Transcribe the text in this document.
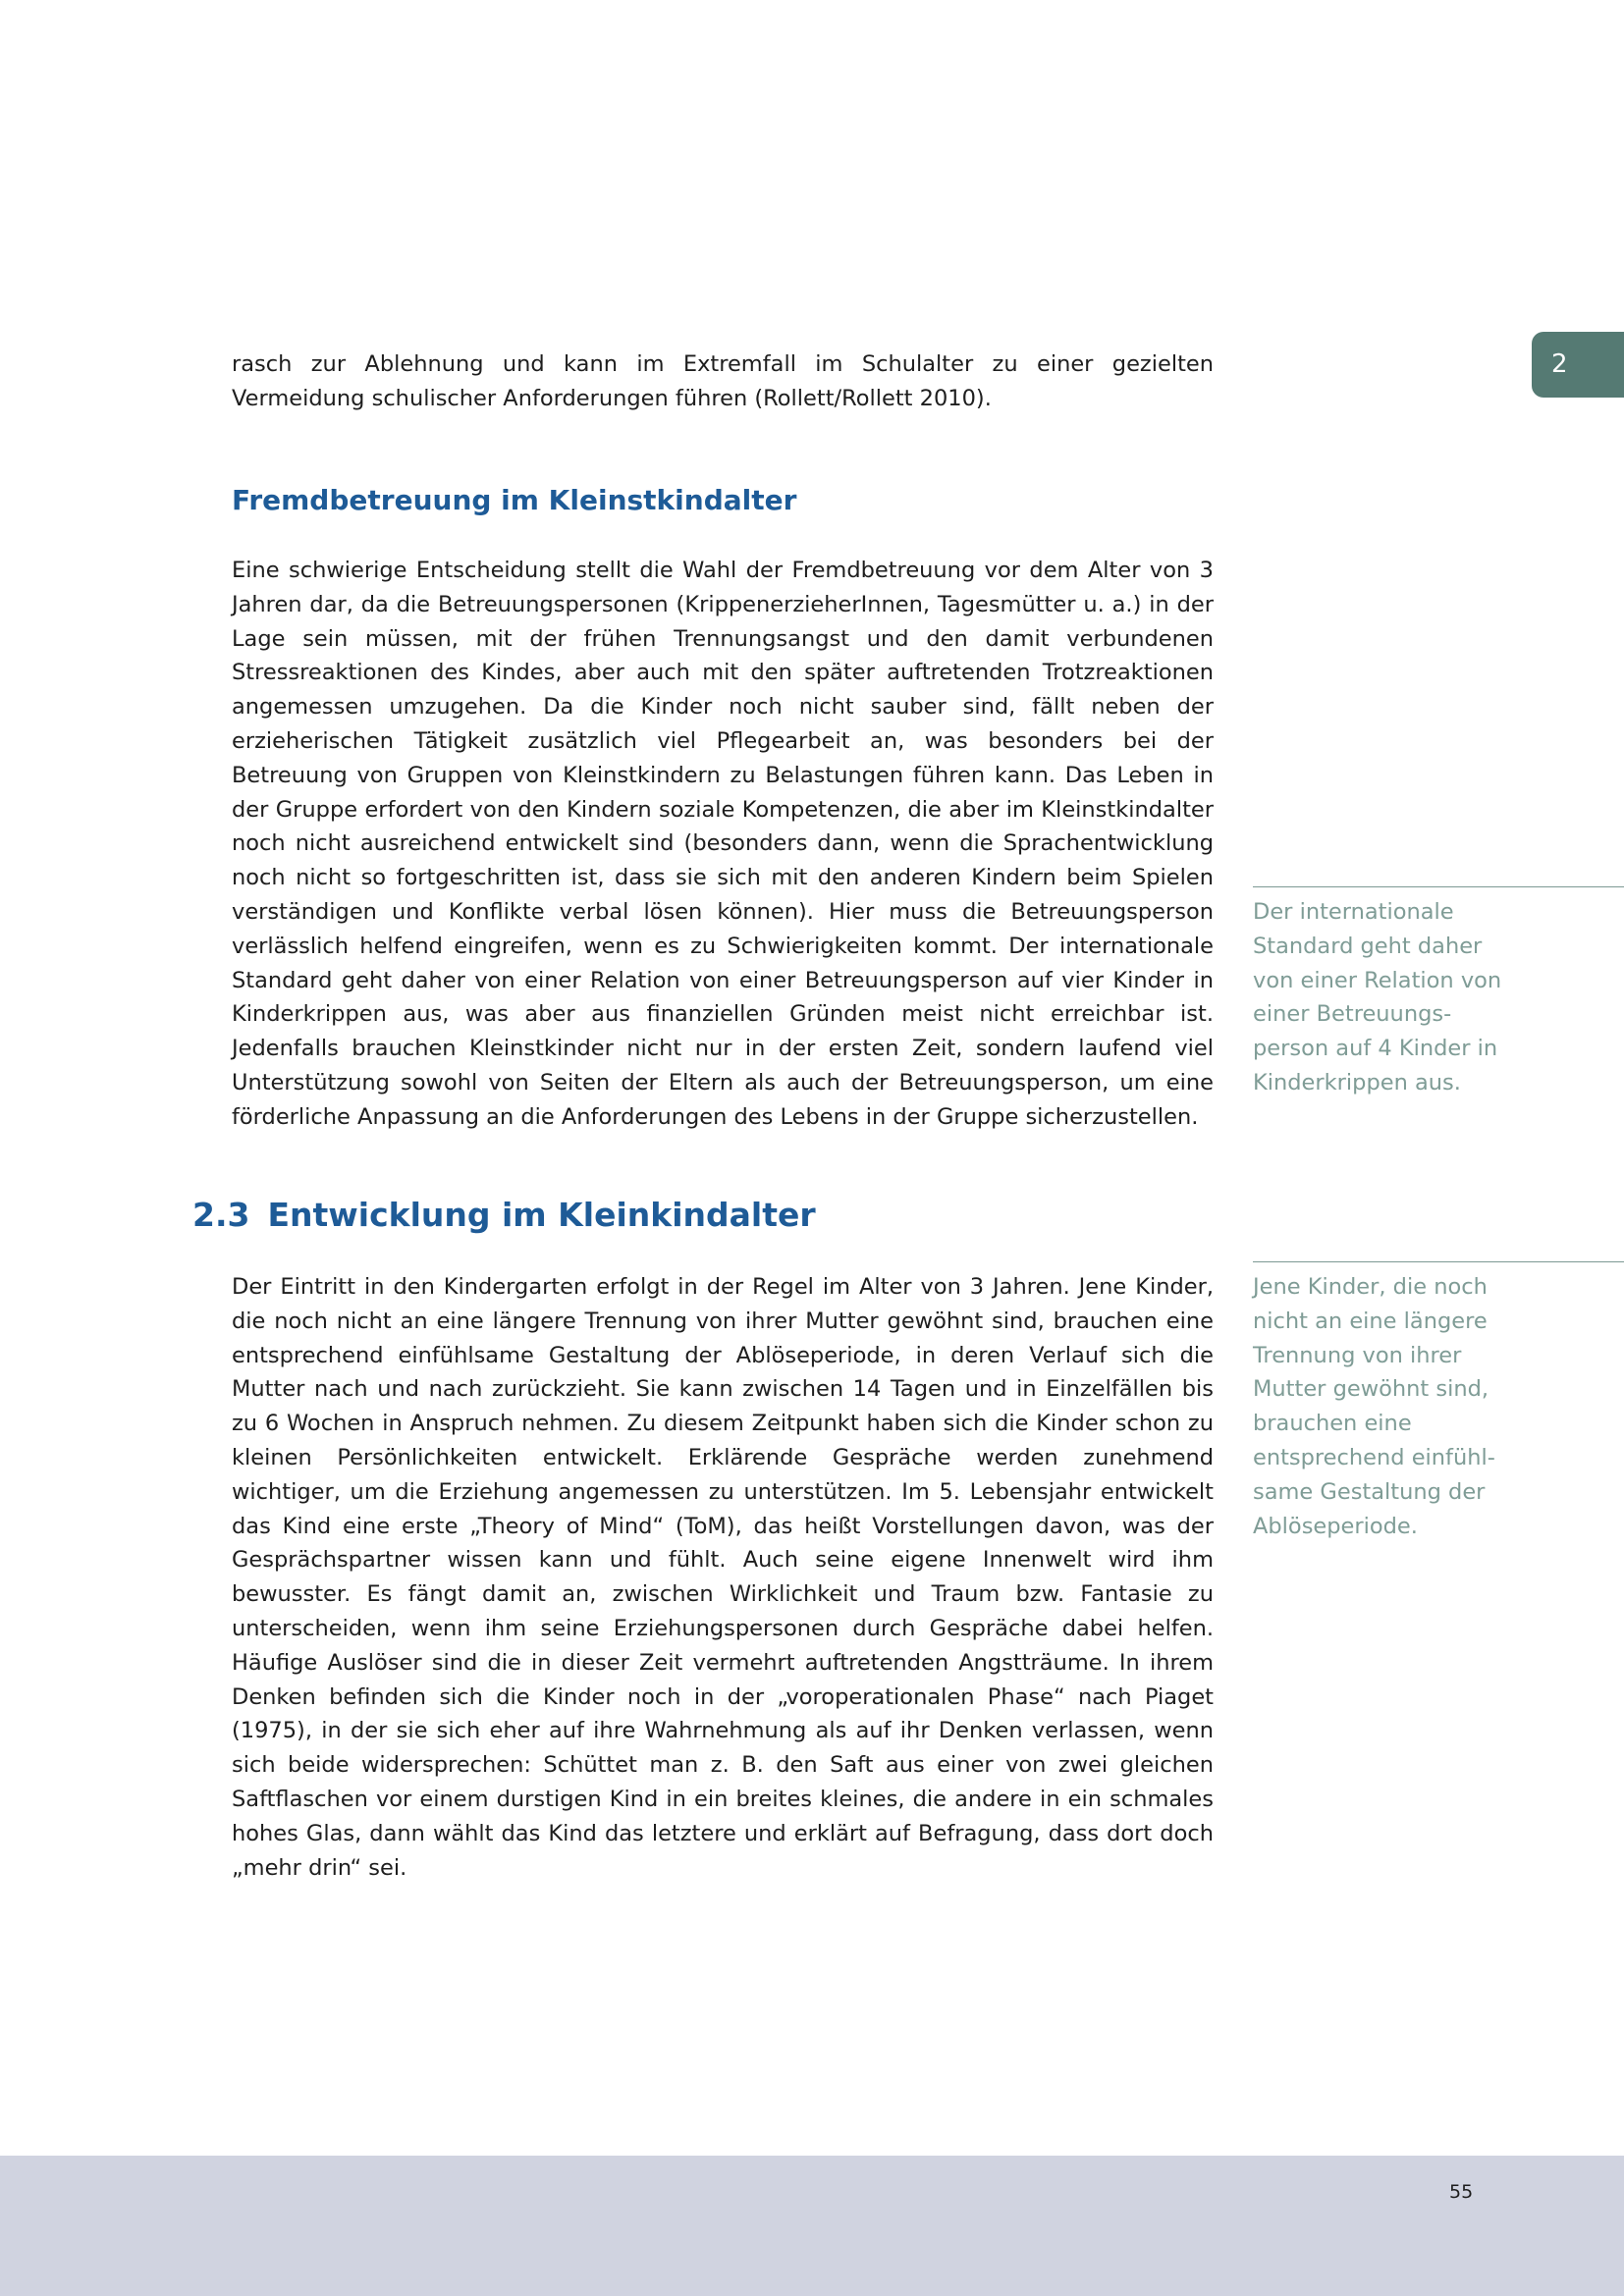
2

rasch zur Ablehnung und kann im Extremfall im Schulalter zu einer gezielten Vermeidung schulischer Anforderungen führen (Rollett/Rollett 2010).

Fremdbetreuung im Kleinstkindalter

Eine schwierige Entscheidung stellt die Wahl der Fremdbetreuung vor dem Alter von 3 Jahren dar, da die Betreuungspersonen (KrippenerzieherInnen, Tagesmütter u. a.) in der Lage sein müssen, mit der frühen Trennungsangst und den damit verbundenen Stressreaktionen des Kindes, aber auch mit den später auftretenden Trotzreaktionen angemessen umzugehen. Da die Kinder noch nicht sauber sind, fällt neben der erzieherischen Tätigkeit zusätzlich viel Pflegearbeit an, was besonders bei der Betreuung von Gruppen von Kleinstkindern zu Belastungen führen kann. Das Leben in der Gruppe erfordert von den Kindern soziale Kompetenzen, die aber im Kleinstkindalter noch nicht ausreichend entwickelt sind (besonders dann, wenn die Sprachentwicklung noch nicht so fortgeschritten ist, dass sie sich mit den anderen Kindern beim Spielen verständigen und Konflikte verbal lösen können). Hier muss die Betreuungsperson verlässlich helfend eingreifen, wenn es zu Schwierigkeiten kommt. Der internationale Standard geht daher von einer Relation von einer Betreuungsperson auf vier Kinder in Kinderkrippen aus, was aber aus finanziellen Gründen meist nicht erreichbar ist. Jedenfalls brauchen Kleinstkinder nicht nur in der ersten Zeit, sondern laufend viel Unterstützung sowohl von Seiten der Eltern als auch der Betreuungsperson, um eine förderliche Anpassung an die Anforderungen des Lebens in der Gruppe sicherzustellen.

Der internationale Standard geht daher von einer Relation von einer Betreuungsperson auf 4 Kinder in Kinderkrippen aus.

2.3 Entwicklung im Kleinkindalter

Jene Kinder, die noch nicht an eine längere Trennung von ihrer Mutter gewöhnt sind, brauchen eine entsprechend einfühlsame Gestaltung der Ablöseperiode.

Der Eintritt in den Kindergarten erfolgt in der Regel im Alter von 3 Jahren. Jene Kinder, die noch nicht an eine längere Trennung von ihrer Mutter gewöhnt sind, brauchen eine entsprechend einfühlsame Gestaltung der Ablöseperiode, in deren Verlauf sich die Mutter nach und nach zurückzieht. Sie kann zwischen 14 Tagen und in Einzelfällen bis zu 6 Wochen in Anspruch nehmen. Zu diesem Zeitpunkt haben sich die Kinder schon zu kleinen Persönlichkeiten entwickelt. Erklärende Gespräche werden zunehmend wichtiger, um die Erziehung angemessen zu unterstützen. Im 5. Lebensjahr entwickelt das Kind eine erste „Theory of Mind“ (ToM), das heißt Vorstellungen davon, was der Gesprächspartner wissen kann und fühlt. Auch seine eigene Innenwelt wird ihm bewusster. Es fängt damit an, zwischen Wirklichkeit und Traum bzw. Fantasie zu unterscheiden, wenn ihm seine Erziehungspersonen durch Gespräche dabei helfen. Häufige Auslöser sind die in dieser Zeit vermehrt auftretenden Angstträume. In ihrem Denken befinden sich die Kinder noch in der „voroperationalen Phase“ nach Piaget (1975), in der sie sich eher auf ihre Wahrnehmung als auf ihr Denken verlassen, wenn sich beide widersprechen: Schüttet man z. B. den Saft aus einer von zwei gleichen Saftflaschen vor einem durstigen Kind in ein breites kleines, die andere in ein schmales hohes Glas, dann wählt das Kind das letztere und erklärt auf Befragung, dass dort doch „mehr drin“ sei.

55
